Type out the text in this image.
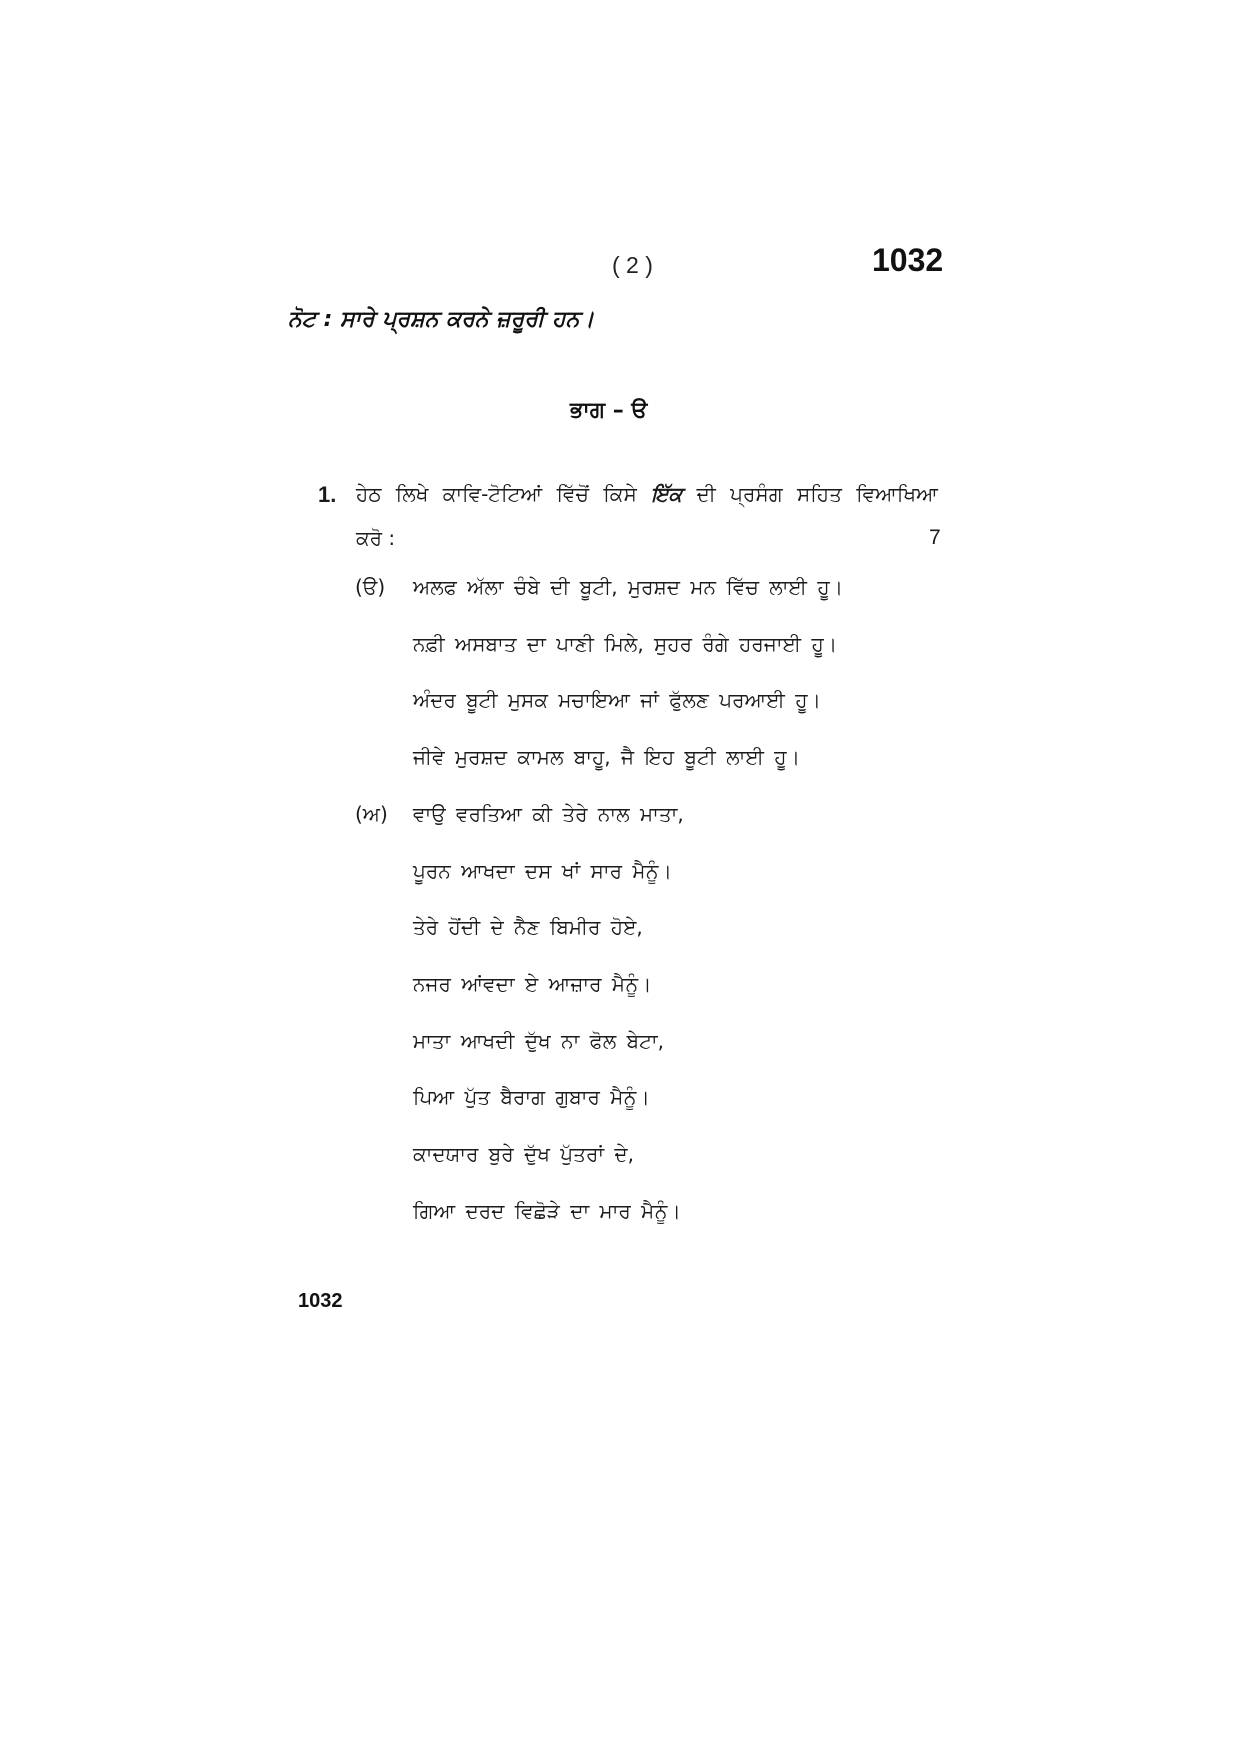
( 2 )	1032
ਨੋਟ : ਸਾਰੇ ਪ੍ਰਸ਼ਨ ਕਰਨੇ ਜ਼ਰੂਰੀ ਹਨ।
ਭਾਗ – ੳ
1. ਹੇਠ ਲਿਖੇ ਕਾਵਿ-ਟੋਟਿਆਂ ਵਿੱਚੋਂ ਕਿਸੇ ਇੱਕ ਦੀ ਪ੍ਰਸੰਗ ਸਹਿਤ ਵਿਆਖਿਆ
ਕਰੋ :	7
(ੳ) ਅਲਫ ਅੱਲਾ ਚੰਬੇ ਦੀ ਬੂਟੀ, ਮੁਰਸ਼ਦ ਮਨ ਵਿੱਚ ਲਾਈ ਹੂ।
ਨਫ਼ੀ ਅਸਬਾਤ ਦਾ ਪਾਣੀ ਮਿਲੇ, ਸੁਹਰ ਰੰਗੇ ਹਰਜਾਈ ਹੂ।
ਅੰਦਰ ਬੂਟੀ ਮੁਸਕ ਮਚਾਇਆ ਜਾਂ ਫੁੱਲਣ ਪਰਆਈ ਹੂ।
ਜੀਵੇ ਮੁਰਸ਼ਦ ਕਾਮਲ ਬਾਹੂ, ਜੈ ਇਹ ਬੂਟੀ ਲਾਈ ਹੂ।
(ਅ) ਵਾਉ ਵਰਤਿਆ ਕੀ ਤੇਰੇ ਨਾਲ ਮਾਤਾ,
ਪੂਰਨ ਆਖਦਾ ਦਸ ਖਾਂ ਸਾਰ ਮੈਨੂੰ।
ਤੇਰੇ ਹੋਂਦੀ ਦੇ ਨੈਣ ਬਿਮੀਰ ਹੋਏ,
ਨਜਰ ਆਂਵਦਾ ਏ ਆਜ਼ਾਰ ਮੈਨੂੰ।
ਮਾਤਾ ਆਖਦੀ ਦੁੱਖ ਨਾ ਫੋਲ ਬੇਟਾ,
ਪਿਆ ਪੁੱਤ ਬੈਰਾਗ ਗੁਬਾਰ ਮੈਨੂੰ।
ਕਾਦਯਾਰ ਬੁਰੇ ਦੁੱਖ ਪੁੱਤਰਾਂ ਦੇ,
ਗਿਆ ਦਰਦ ਵਿਛੋੜੇ ਦਾ ਮਾਰ ਮੈਨੂੰ।
1032
